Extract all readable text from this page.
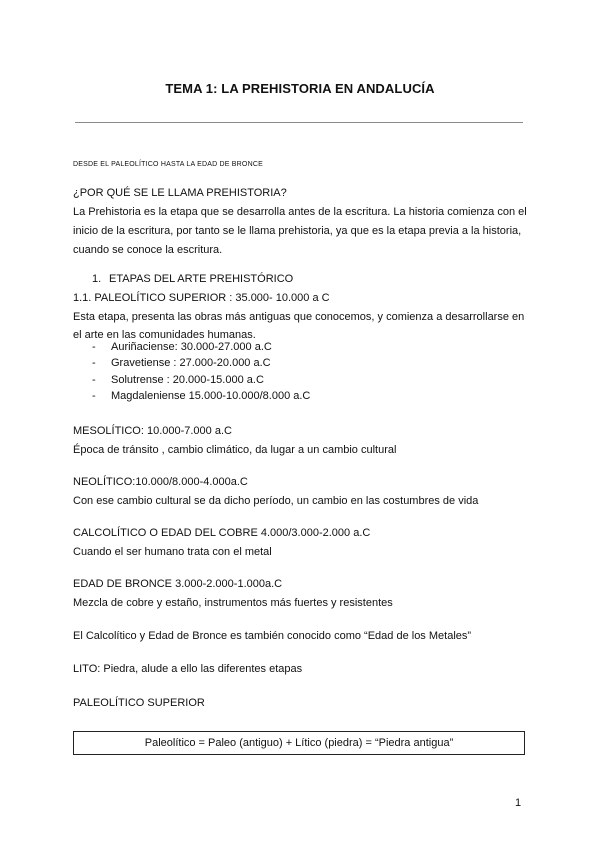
TEMA 1: LA PREHISTORIA EN ANDALUCÍA
DESDE EL PALEOLÍTICO HASTA LA EDAD DE BRONCE
¿POR QUÉ SE LE LLAMA PREHISTORIA?
La Prehistoria es la etapa que se desarrolla antes de la escritura. La historia comienza con el
inicio de la escritura, por tanto se le llama prehistoria, ya que es la etapa previa a la historia,
cuando se conoce la escritura.
1. ETAPAS DEL ARTE PREHISTÓRICO
1.1. PALEOLÍTICO SUPERIOR : 35.000- 10.000 a C
Esta etapa, presenta las obras más antiguas que conocemos, y comienza a desarrollarse en
el arte en las comunidades humanas.
- Auriñaciense: 30.000-27.000 a.C
- Gravetiense : 27.000-20.000 a.C
- Solutrense : 20.000-15.000 a.C
- Magdaleniense 15.000-10.000/8.000 a.C
MESOLÍTICO: 10.000-7.000 a.C
Época de tránsito , cambio climático, da lugar a un cambio cultural
NEOLÍTICO:10.000/8.000-4.000a.C
Con ese cambio cultural se da dicho período, un cambio en las costumbres de vida
CALCOLÍTICO O EDAD DEL COBRE 4.000/3.000-2.000 a.C
Cuando el ser humano trata con el metal
EDAD DE BRONCE 3.000-2.000-1.000a.C
Mezcla de cobre y estaño, instrumentos más fuertes y resistentes
El Calcolítico y Edad de Bronce es también conocido como “Edad de los Metales”
LITO: Piedra, alude a ello las diferentes etapas
PALEOLÍTICO SUPERIOR
Paleolítico = Paleo (antiguo) + Lítico (piedra) = “Piedra antigua”
1
